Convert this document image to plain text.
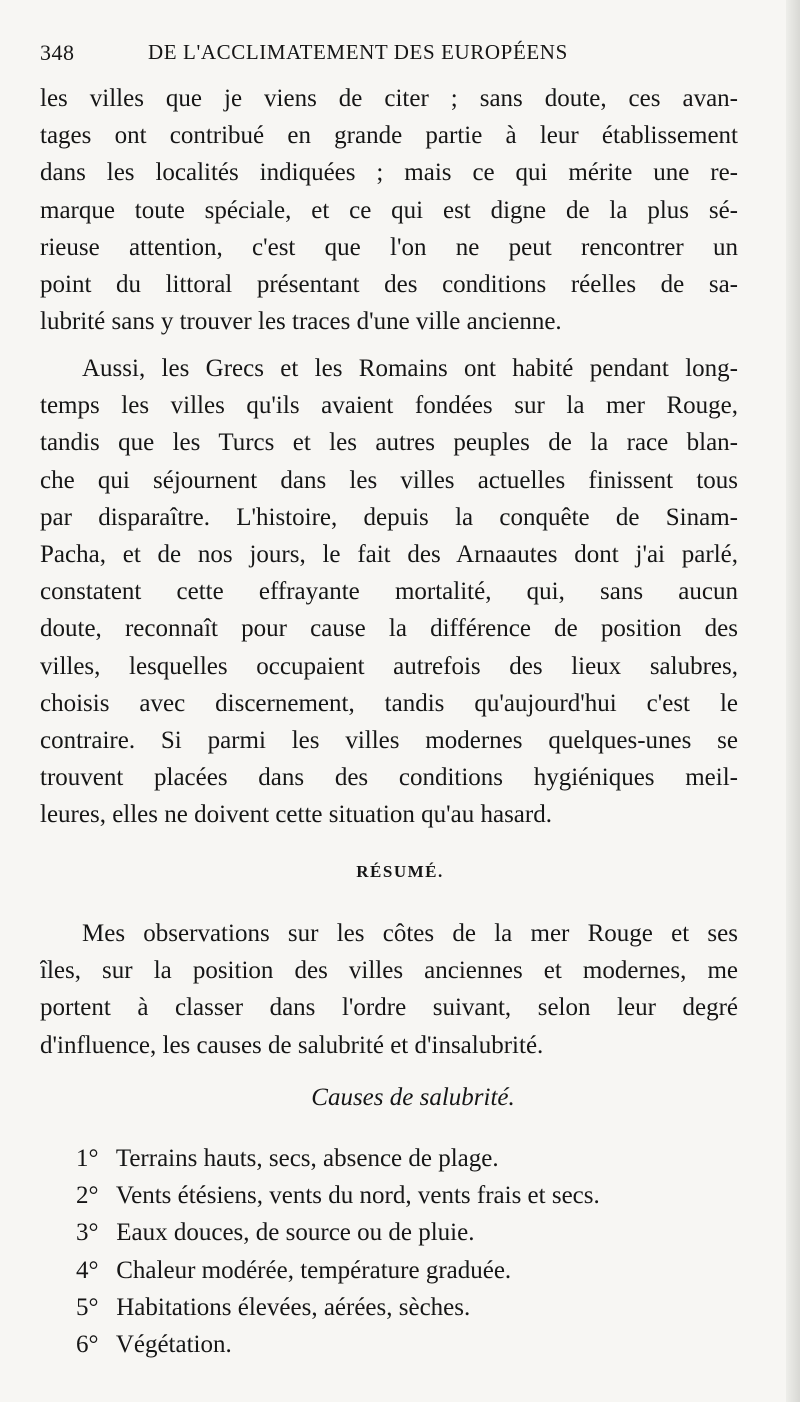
348	DE L'ACCLIMATEMENT DES EUROPÉENS
les villes que je viens de citer ; sans doute, ces avan-
tages ont contribué en grande partie à leur établissement
dans les localités indiquées ; mais ce qui mérite une re-
marque toute spéciale, et ce qui est digne de la plus sé-
rieuse attention, c'est que l'on ne peut rencontrer un
point du littoral présentant des conditions réelles de sa-
lubrité sans y trouver les traces d'une ville ancienne.
Aussi, les Grecs et les Romains ont habité pendant long-
temps les villes qu'ils avaient fondées sur la mer Rouge,
tandis que les Turcs et les autres peuples de la race blan-
che qui séjournent dans les villes actuelles finissent tous
par disparaître. L'histoire, depuis la conquête de Sinam-
Pacha, et de nos jours, le fait des Arnaautes dont j'ai parlé,
constatent cette effrayante mortalité, qui, sans aucun
doute, reconnaît pour cause la différence de position des
villes, lesquelles occupaient autrefois des lieux salubres,
choisis avec discernement, tandis qu'aujourd'hui c'est le
contraire. Si parmi les villes modernes quelques-unes se
trouvent placées dans des conditions hygiéniques meil-
leures, elles ne doivent cette situation qu'au hasard.
RÉSUMÉ.
Mes observations sur les côtes de la mer Rouge et ses
îles, sur la position des villes anciennes et modernes, me
portent à classer dans l'ordre suivant, selon leur degré
d'influence, les causes de salubrité et d'insalubrité.
Causes de salubrité.
1° Terrains hauts, secs, absence de plage.
2° Vents étésiens, vents du nord, vents frais et secs.
3° Eaux douces, de source ou de pluie.
4° Chaleur modérée, température graduée.
5° Habitations élevées, aérées, sèches.
6° Végétation.
